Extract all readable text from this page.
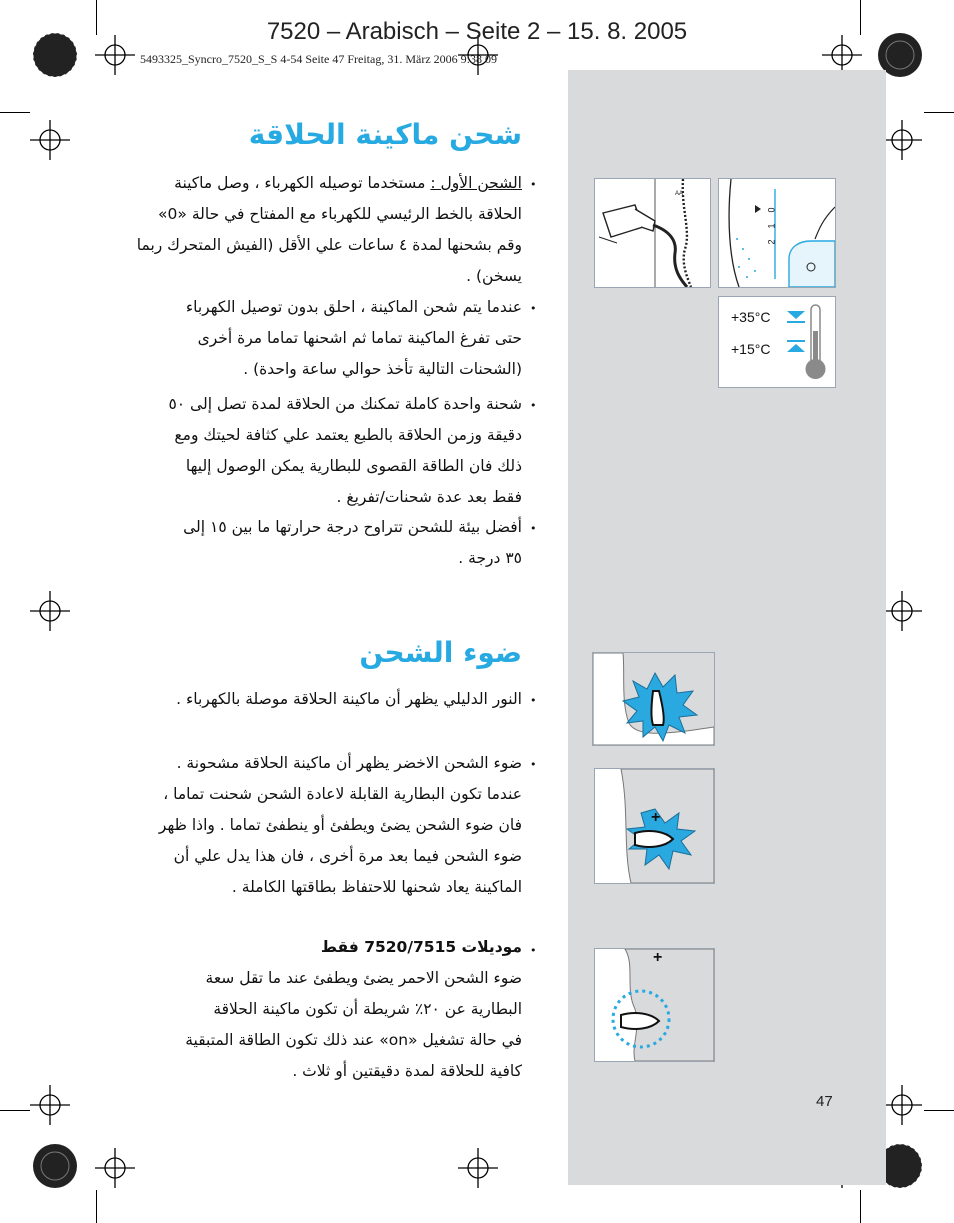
7520 – Arabisch – Seite 2 – 15. 8. 2005
5493325_Syncro_7520_S_S 4-54 Seite 47 Freitag, 31. März 2006 9:38 09
شحن ماكينة الحلاقة
•
الشحن الأول : مستخدما توصيله الكهرباء ، وصل ماكينة
الحلاقة بالخط الرئيسي للكهرباء مع المفتاح في حالة «0»
وقم بشحنها لمدة ٤ ساعات علي الأقل (الفيش المتحرك ربما
يسخن) .
•
عندما يتم شحن الماكينة ، احلق بدون توصيل الكهرباء
حتى تفرغ الماكينة تماما ثم اشحنها تماما مرة أخرى
(الشحنات التالية تأخذ حوالي ساعة واحدة) .
•
شحنة واحدة كاملة تمكنك من الحلاقة لمدة تصل إلى ٥٠
دقيقة وزمن الحلاقة بالطبع يعتمد علي كثافة لحيتك ومع
ذلك فان الطاقة القصوى للبطارية يمكن الوصول إليها
فقط بعد عدة شحنات/تفريغ .
•
أفضل بيئة للشحن تتراوح درجة حرارتها ما بين ١٥ إلى
٣٥ درجة .
ضوء الشحن
•
النور الدليلي يظهر أن ماكينة الحلاقة موصلة بالكهرباء .
•
ضوء الشحن الاخضر يظهر أن ماكينة الحلاقة مشحونة .
عندما تكون البطارية القابلة لاعادة الشحن شحنت تماما ،
فان ضوء الشحن يضئ ويطفئ أو ينطفئ تماما . واذا ظهر
ضوء الشحن فيما بعد مرة أخرى ، فان هذا يدل علي أن
الماكينة يعاد شحنها للاحتفاظ بطاقتها الكاملة .
•
موديلات 7520/7515 فقط
ضوء الشحن الاحمر يضئ ويطفئ عند ما تقل سعة
البطارية عن ٢٠٪ شريطة أن تكون ماكينة الحلاقة
في حالة تشغيل «on» عند ذلك تكون الطاقة المتبقية
كافية للحلاقة لمدة دقيقتين أو ثلاث .
AA
0
1
2
+35°C
+15°C
BRAUN
+
+
47
